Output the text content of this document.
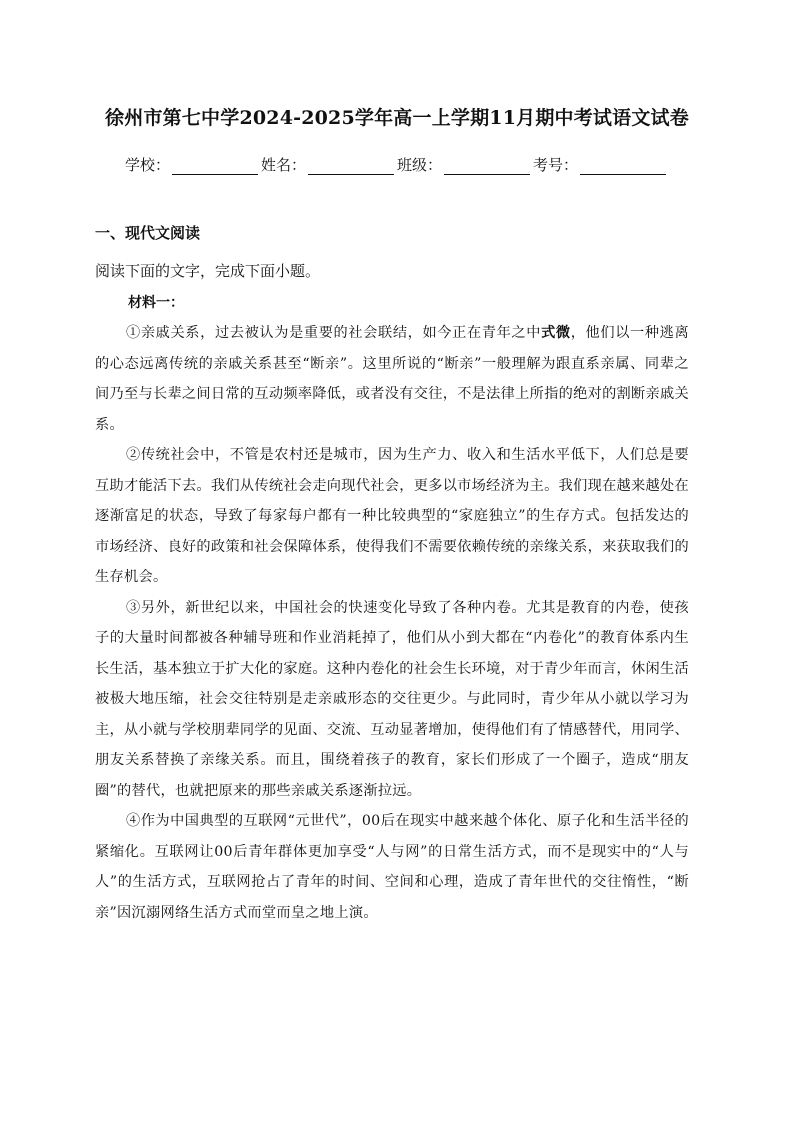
徐州市第七中学2024-2025学年高一上学期11月期中考试语文试卷
学校：	姓名：	班级：	考号：
一、现代文阅读
阅读下面的文字，完成下面小题。
材料一：

①亲戚关系，过去被认为是重要的社会联结，如今正在青年之中式微，他们以一种逃离的心态远离传统的亲戚关系甚至“断亲”。这里所说的“断亲”一般理解为跟直系亲属、同辈之间乃至与长辈之间日常的互动频率降低，或者没有交往，不是法律上所指的绝对的割断亲戚关系。

②传统社会中，不管是农村还是城市，因为生产力、收入和生活水平低下，人们总是要互助才能活下去。我们从传统社会走向现代社会，更多以市场经济为主。我们现在越来越处在逐渐富足的状态，导致了每家每户都有一种比较典型的“家庭独立”的生存方式。包括发达的市场经济、良好的政策和社会保障体系，使得我们不需要依赖传统的亲缘关系，来获取我们的生存机会。

③另外，新世纪以来，中国社会的快速变化导致了各种内卷。尤其是教育的内卷，使孩子的大量时间都被各种辅导班和作业消耗掉了，他们从小到大都在“内卷化”的教育体系内生长生活，基本独立于扩大化的家庭。这种内卷化的社会生长环境，对于青少年而言，休闲生活被极大地压缩，社会交往特别是走亲戚形态的交往更少。与此同时，青少年从小就以学习为主，从小就与学校朋辈同学的见面、交流、互动显著增加，使得他们有了情感替代，用同学、朋友关系替换了亲缘关系。而且，围绕着孩子的教育，家长们形成了一个圈子，造成“朋友圈”的替代，也就把原来的那些亲戚关系逐渐拉远。

④作为中国典型的互联网“元世代”，00后在现实中越来越个体化、原子化和生活半径的紧缩化。互联网让00后青年群体更加享受“人与网”的日常生活方式，而不是现实中的“人与人”的生活方式，互联网抢占了青年的时间、空间和心理，造成了青年世代的交往惰性，“断亲”因沉溺网络生活方式而堂而皇之地上演。
